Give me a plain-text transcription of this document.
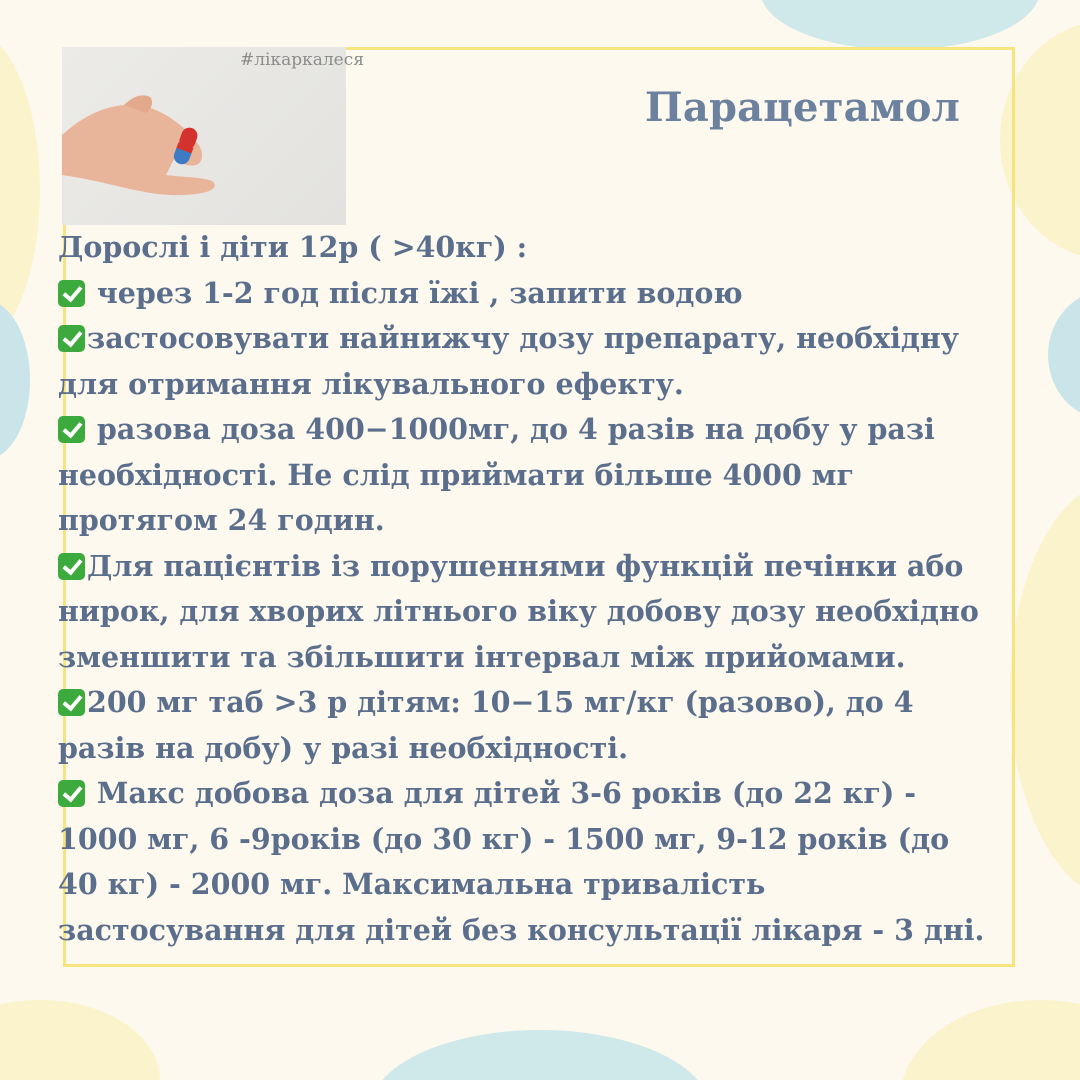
#лікаркалеся
Парацетамол

Дорослі і діти 12р ( >40кг) :

через 1-2 год після їжі , запити водою

застосовувати найнижчу дозу препарату, необхідну для отримання лікувального ефекту.

разова доза 400−1000мг, до 4 разів на добу у разі необхідності. Не слід приймати більше 4000 мг протягом 24 годин.

Для пацієнтів із порушеннями функцій печінки або нирок, для хворих літнього віку добову дозу необхідно зменшити та збільшити інтервал між прийомами.

200 мг таб >3 р дітям: 10−15 мг/кг (разово), до 4 разів на добу) у разі необхідності.

Макс добова доза для дітей 3-6 років (до 22 кг) - 1000 мг, 6 -9років (до 30 кг) - 1500 мг, 9-12 років (до 40 кг) - 2000 мг. Максимальна тривалість застосування для дітей без консультації лікаря - 3 дні.
